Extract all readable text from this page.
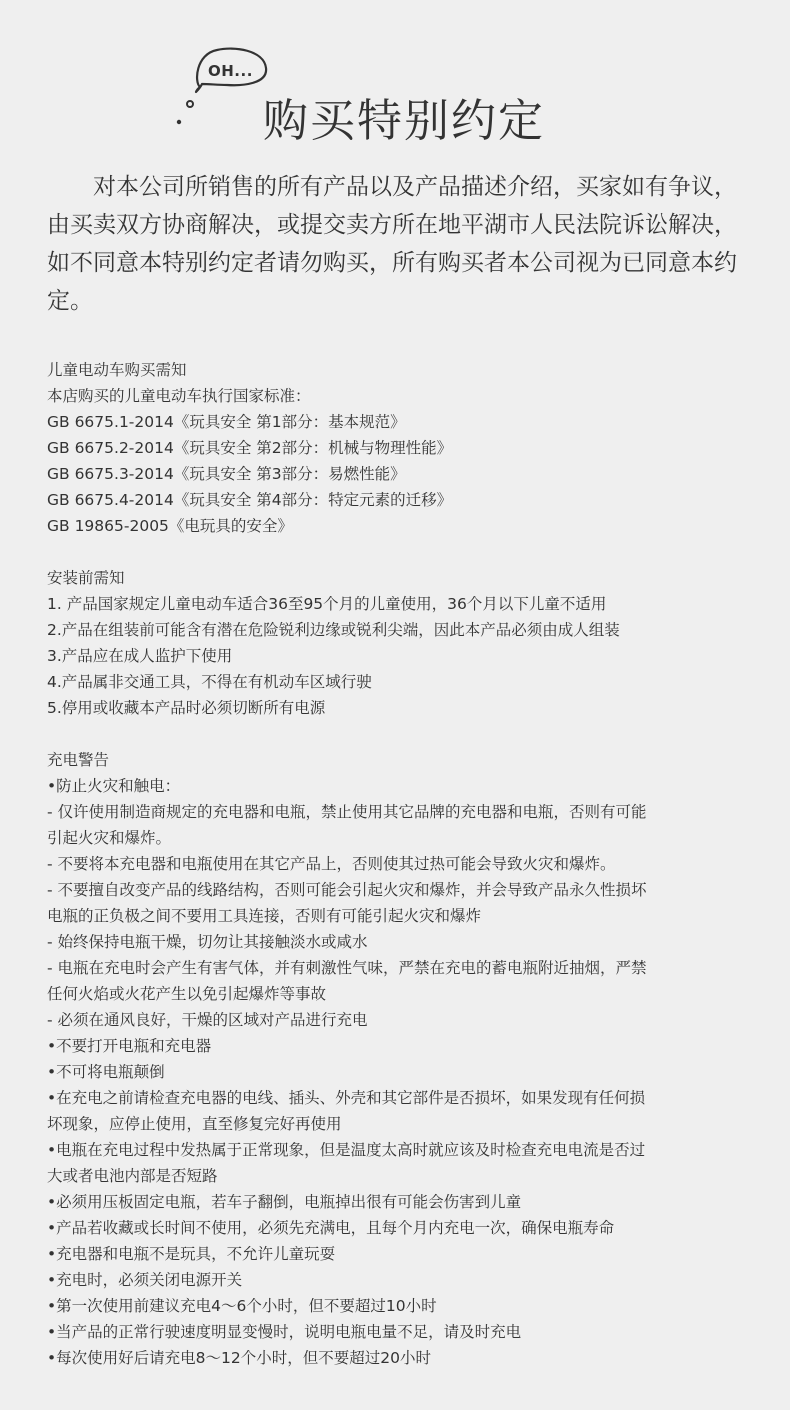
OH...
购买特别约定

对本公司所销售的所有产品以及产品描述介绍，买家如有争议，由买卖双方协商解决，或提交卖方所在地平湖市人民法院诉讼解决，如不同意本特别约定者请勿购买，所有购买者本公司视为已同意本约定。

儿童电动车购买需知

本店购买的儿童电动车执行国家标准：

GB 6675.1-2014《玩具安全 第1部分：基本规范》

GB 6675.2-2014《玩具安全 第2部分：机械与物理性能》

GB 6675.3-2014《玩具安全 第3部分：易燃性能》

GB 6675.4-2014《玩具安全 第4部分：特定元素的迁移》

GB 19865-2005《电玩具的安全》

安装前需知

1. 产品国家规定儿童电动车适合36至95个月的儿童使用，36个月以下儿童不适用

2.产品在组装前可能含有潜在危险锐利边缘或锐利尖端，因此本产品必须由成人组装

3.产品应在成人监护下使用

4.产品属非交通工具，不得在有机动车区域行驶

5.停用或收藏本产品时必须切断所有电源

充电警告

•防止火灾和触电：

- 仅许使用制造商规定的充电器和电瓶，禁止使用其它品牌的充电器和电瓶，否则有可能

引起火灾和爆炸。

- 不要将本充电器和电瓶使用在其它产品上，否则使其过热可能会导致火灾和爆炸。

- 不要擅自改变产品的线路结构，否则可能会引起火灾和爆炸，并会导致产品永久性损坏

电瓶的正负极之间不要用工具连接，否则有可能引起火灾和爆炸

- 始终保持电瓶干燥，切勿让其接触淡水或咸水

- 电瓶在充电时会产生有害气体，并有刺激性气味，严禁在充电的蓄电瓶附近抽烟，严禁

任何火焰或火花产生以免引起爆炸等事故

- 必须在通风良好，干燥的区域对产品进行充电

•不要打开电瓶和充电器

•不可将电瓶颠倒

•在充电之前请检查充电器的电线、插头、外壳和其它部件是否损坏，如果发现有任何损

坏现象，应停止使用，直至修复完好再使用

•电瓶在充电过程中发热属于正常现象，但是温度太高时就应该及时检查充电电流是否过

大或者电池内部是否短路

•必须用压板固定电瓶，若车子翻倒，电瓶掉出很有可能会伤害到儿童

•产品若收藏或长时间不使用，必须先充满电，且每个月内充电一次，确保电瓶寿命

•充电器和电瓶不是玩具，不允许儿童玩耍

•充电时，必须关闭电源开关

•第一次使用前建议充电4～6个小时，但不要超过10小时

•当产品的正常行驶速度明显变慢时，说明电瓶电量不足，请及时充电

•每次使用好后请充电8～12个小时，但不要超过20小时
